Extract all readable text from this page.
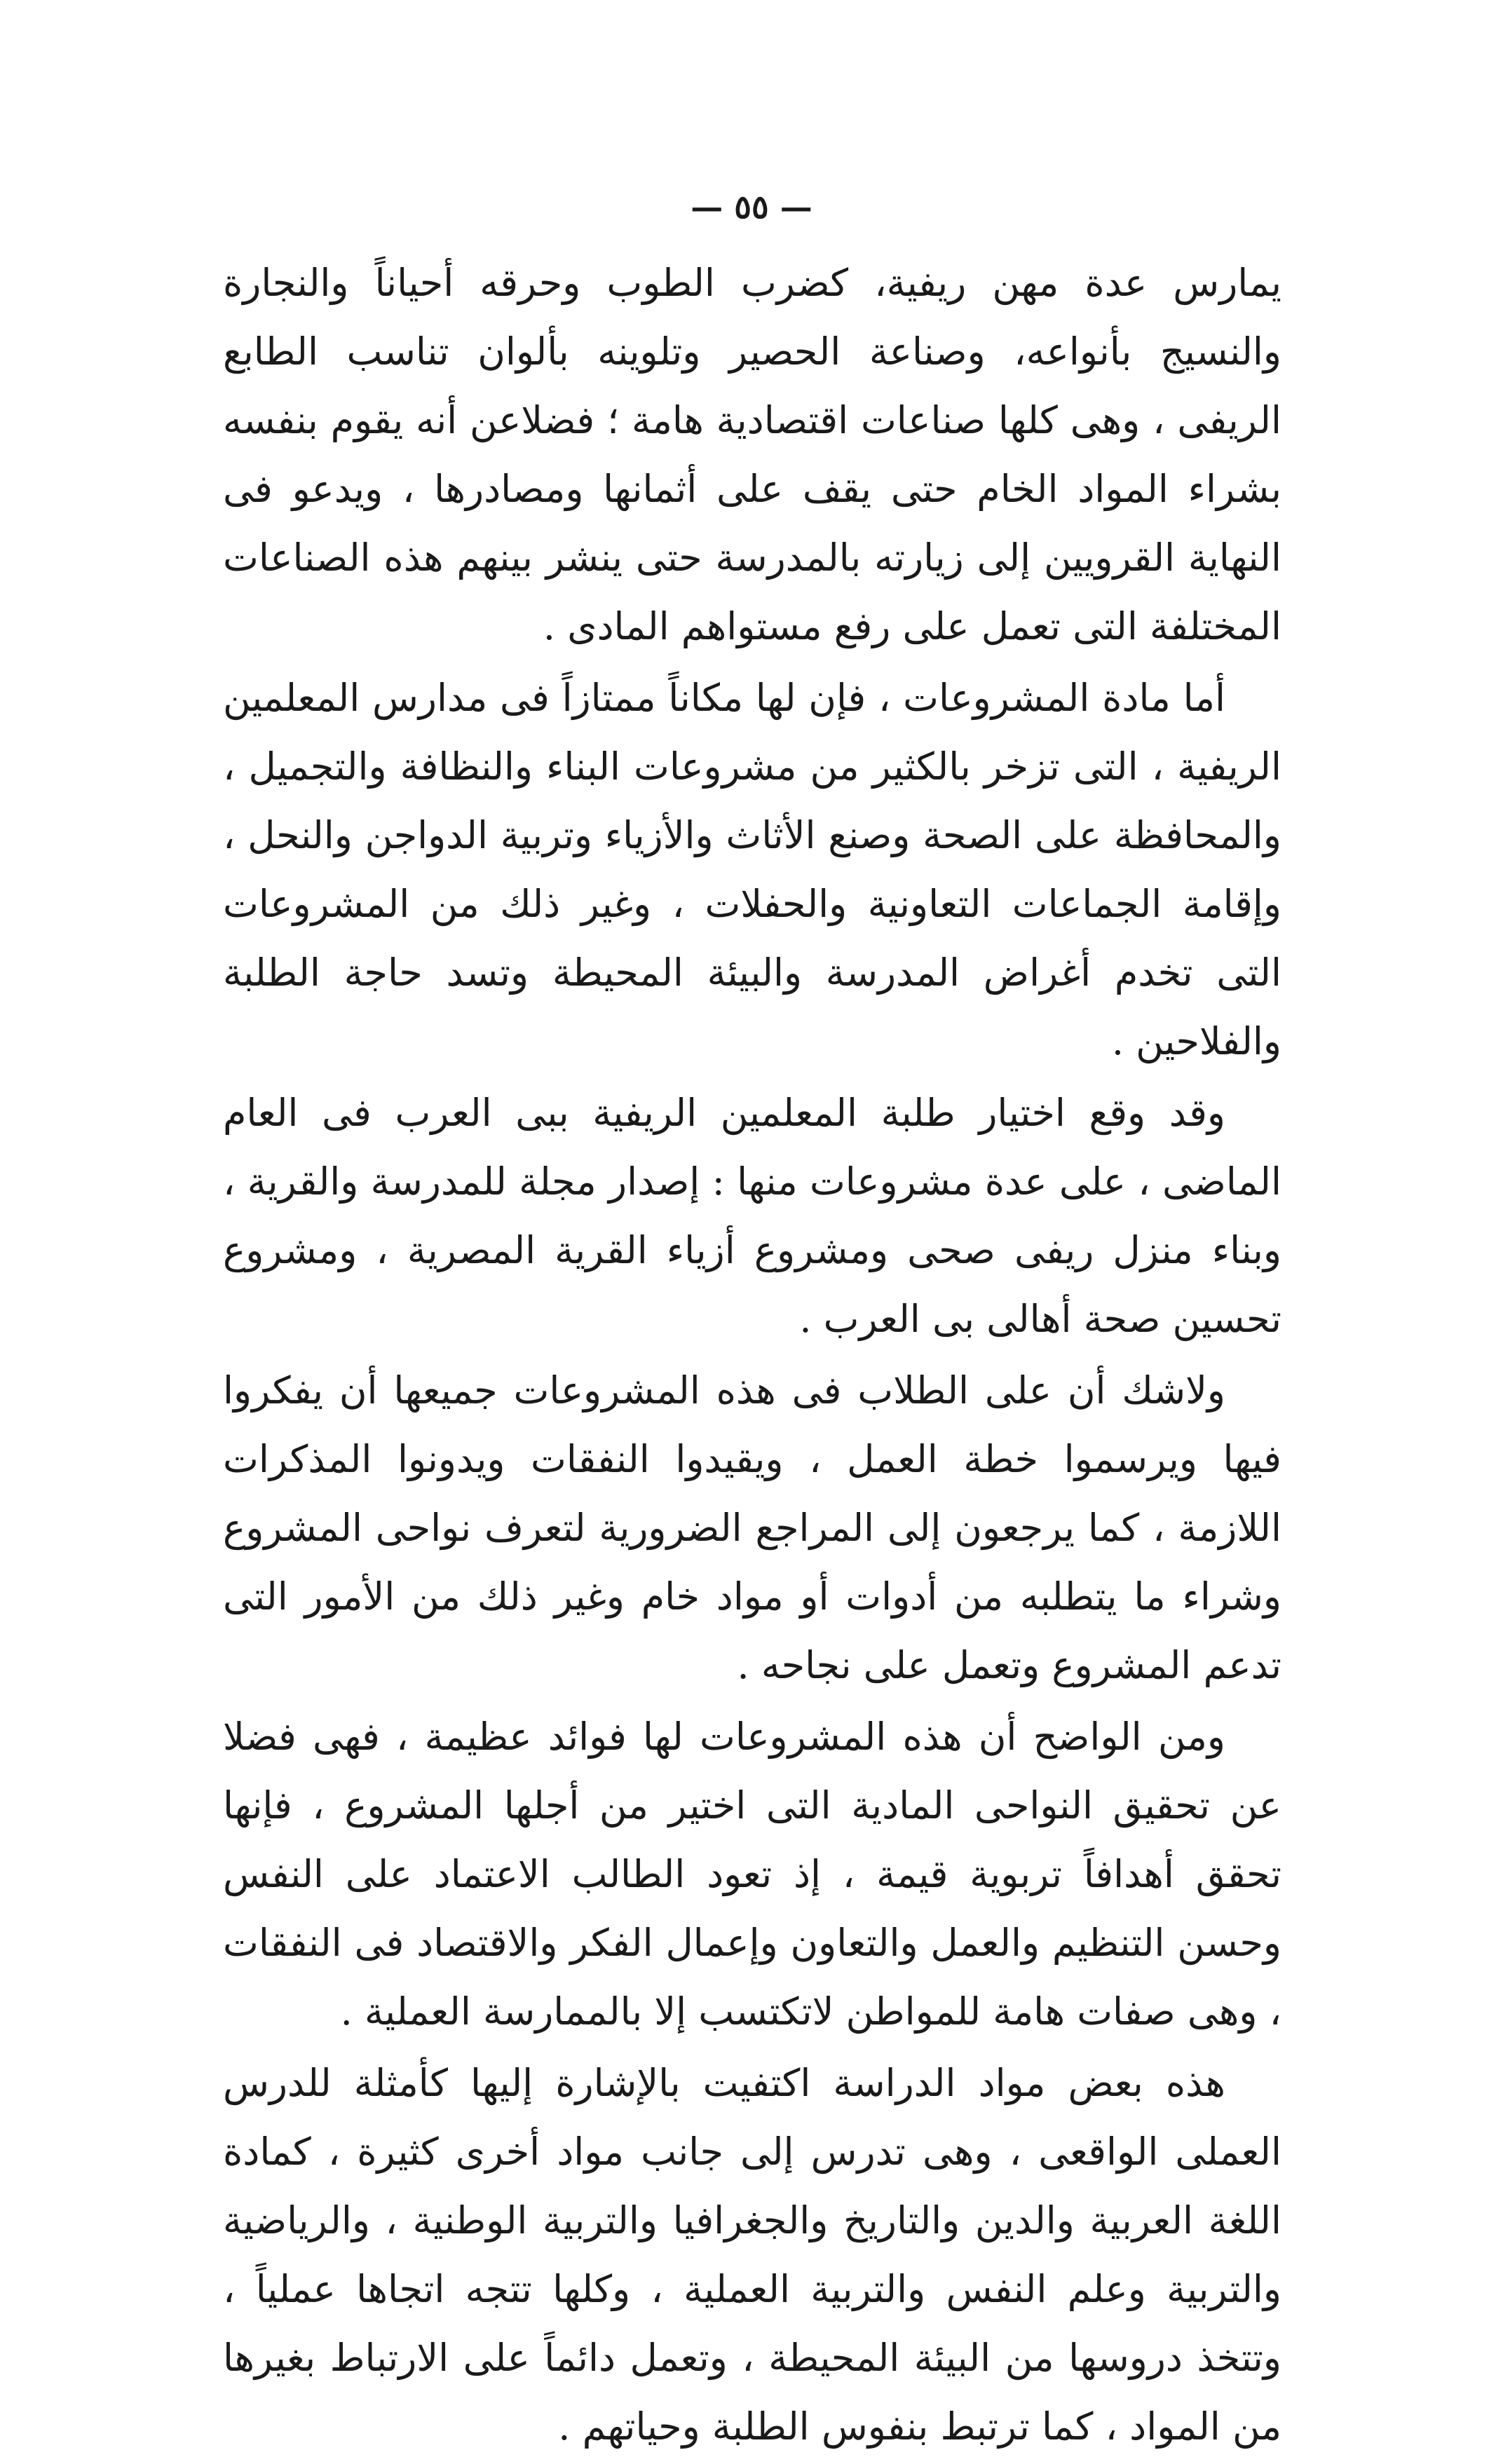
— ٥٥ —

يمارس عدة مهن ريفية، كضرب الطوب وحرقه أحياناً والنجارة والنسيج بأنواعه، وصناعة الحصير وتلوينه بألوان تناسب الطابع الريفى ، وهى كلها صناعات اقتصادية هامة ؛ فضلاعن أنه يقوم بنفسه بشراء المواد الخام حتى يقف على أثمانها ومصادرها ، ويدعو فى النهاية القرويين إلى زيارته بالمدرسة حتى ينشر بينهم هذه الصناعات المختلفة التى تعمل على رفع مستواهم المادى .

أما مادة المشروعات ، فإن لها مكاناً ممتازاً فى مدارس المعلمين الريفية ، التى تزخر بالكثير من مشروعات البناء والنظافة والتجميل ، والمحافظة على الصحة وصنع الأثاث والأزياء وتربية الدواجن والنحل ، وإقامة الجماعات التعاونية والحفلات ، وغير ذلك من المشروعات التى تخدم أغراض المدرسة والبيئة المحيطة وتسد حاجة الطلبة والفلاحين .

وقد وقع اختيار طلبة المعلمين الريفية ببى العرب فى العام الماضى ، على عدة مشروعات منها : إصدار مجلة للمدرسة والقرية ، وبناء منزل ريفى صحى ومشروع أزياء القرية المصرية ، ومشروع تحسين صحة أهالى بى العرب .

ولاشك أن على الطلاب فى هذه المشروعات جميعها أن يفكروا فيها ويرسموا خطة العمل ، ويقيدوا النفقات ويدونوا المذكرات اللازمة ، كما يرجعون إلى المراجع الضرورية لتعرف نواحى المشروع وشراء ما يتطلبه من أدوات أو مواد خام وغير ذلك من الأمور التى تدعم المشروع وتعمل على نجاحه .

ومن الواضح أن هذه المشروعات لها فوائد عظيمة ، فهى فضلا عن تحقيق النواحى المادية التى اختير من أجلها المشروع ، فإنها تحقق أهدافاً تربوية قيمة ، إذ تعود الطالب الاعتماد على النفس وحسن التنظيم والعمل والتعاون وإعمال الفكر والاقتصاد فى النفقات ، وهى صفات هامة للمواطن لاتكتسب إلا بالممارسة العملية .

هذه بعض مواد الدراسة اكتفيت بالإشارة إليها كأمثلة للدرس العملى الواقعى ، وهى تدرس إلى جانب مواد أخرى كثيرة ، كمادة اللغة العربية والدين والتاريخ والجغرافيا والتربية الوطنية ، والرياضية والتربية وعلم النفس والتربية العملية ، وكلها تتجه اتجاها عملياً ، وتتخذ دروسها من البيئة المحيطة ، وتعمل دائماً على الارتباط بغيرها من المواد ، كما ترتبط بنفوس الطلبة وحياتهم .
